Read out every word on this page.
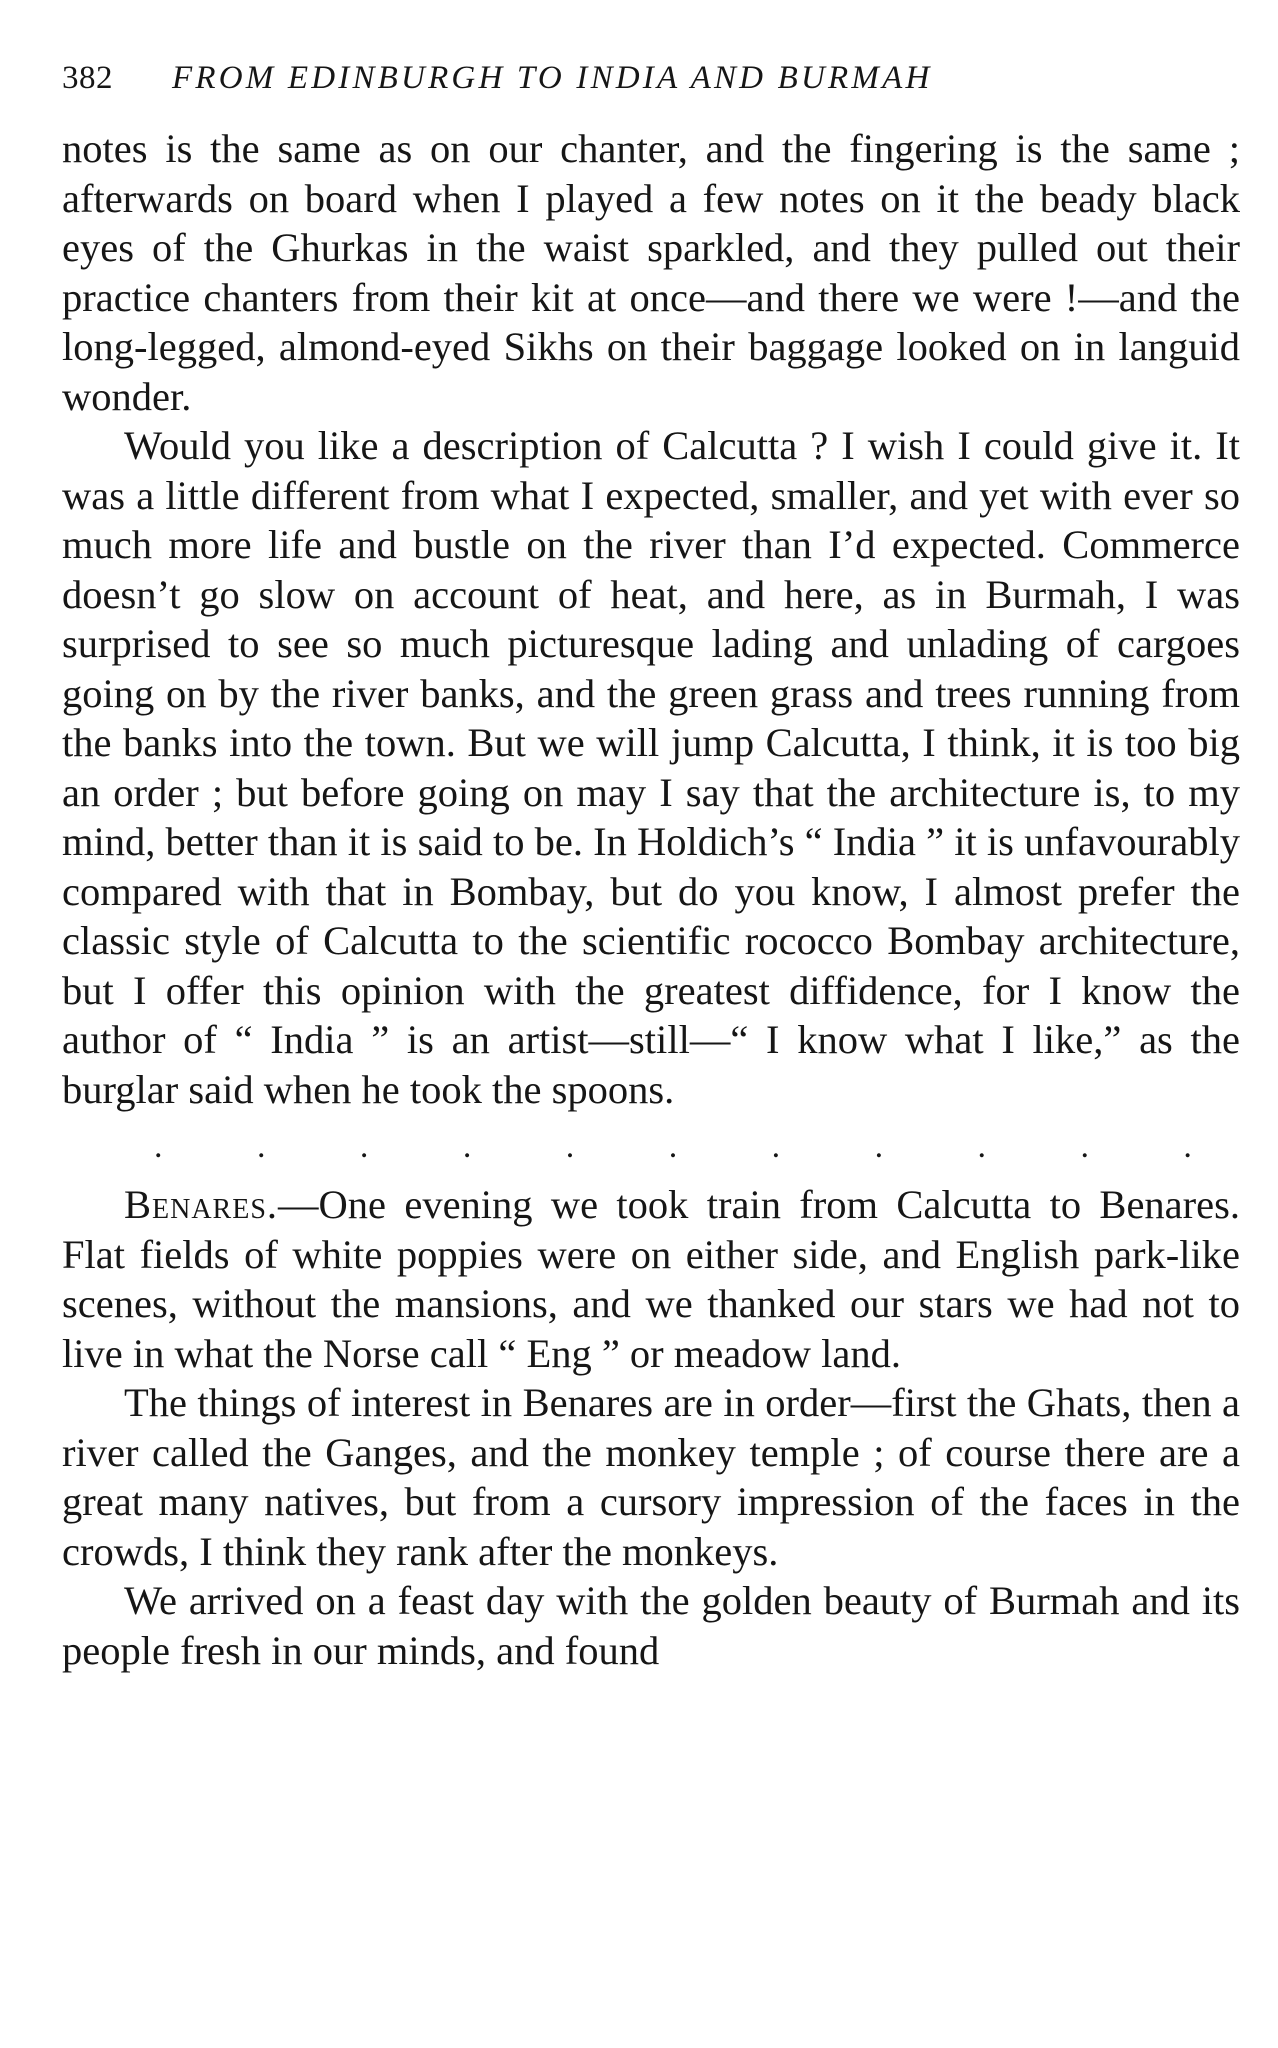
382	FROM EDINBURGH TO INDIA AND BURMAH

notes is the same as on our chanter, and the fingering is the same ; afterwards on board when I played a few notes on it the beady black eyes of the Ghurkas in the waist sparkled, and they pulled out their practice chanters from their kit at once—and there we were !—and the long-legged, almond-eyed Sikhs on their baggage looked on in languid wonder.

Would you like a description of Calcutta ? I wish I could give it. It was a little different from what I expected, smaller, and yet with ever so much more life and bustle on the river than I’d expected. Commerce doesn’t go slow on account of heat, and here, as in Burmah, I was surprised to see so much picturesque lading and unlading of cargoes going on by the river banks, and the green grass and trees running from the banks into the town. But we will jump Calcutta, I think, it is too big an order ; but before going on may I say that the architecture is, to my mind, better than it is said to be. In Holdich’s “ India ” it is unfavourably compared with that in Bombay, but do you know, I almost prefer the classic style of Calcutta to the scientific rococco Bombay architecture, but I offer this opinion with the greatest diffidence, for I know the author of “ India ” is an artist—still—“ I know what I like,” as the burglar said when he took the spoons.

.	.	.	.	.	.	.	.	.	.	.

Benares.—One evening we took train from Calcutta to Benares. Flat fields of white poppies were on either side, and English park-like scenes, without the mansions, and we thanked our stars we had not to live in what the Norse call “ Eng ” or meadow land.

The things of interest in Benares are in order—first the Ghats, then a river called the Ganges, and the monkey temple ; of course there are a great many natives, but from a cursory impression of the faces in the crowds, I think they rank after the monkeys.

We arrived on a feast day with the golden beauty of Burmah and its people fresh in our minds, and found
